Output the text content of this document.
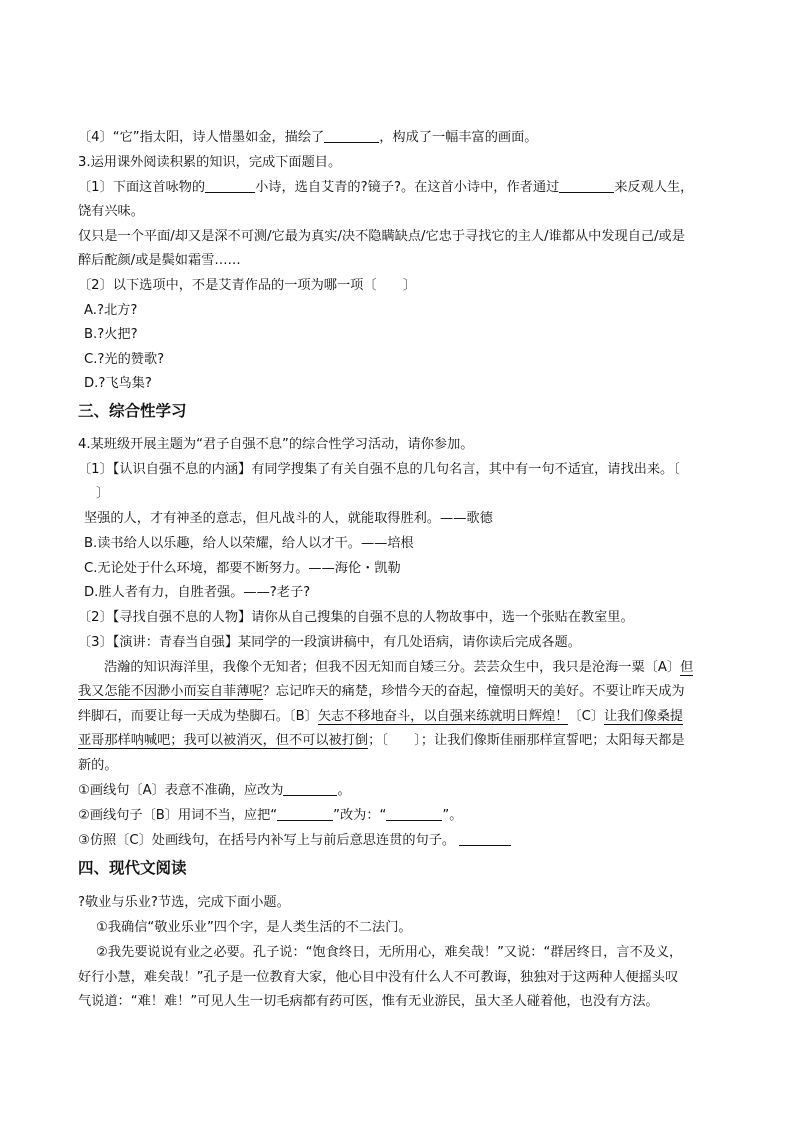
〔4〕“它”指太阳，诗人惜墨如金，描绘了	，构成了一幅丰富的画面。
3.运用课外阅读积累的知识，完成下面题目。
〔1〕下面这首咏物的	小诗，选自艾青的?镜子?。在这首小诗中，作者通过	来反观人生，
饶有兴味。
仅只是一个平面/却又是深不可测/它最为真实/决不隐瞒缺点/它忠于寻找它的主人/谁都从中发现自己/或是
醉后酡颜/或是鬓如霜雪……
〔2〕以下选项中，不是艾青作品的一项为哪一项〔　　〕
A.?北方?
B.?火把?
C.?光的赞歌?
D.?飞鸟集?
三、综合性学习
4.某班级开展主题为“君子自强不息”的综合性学习活动，请你参加。
〔1〕【认识自强不息的内涵】有同学搜集了有关自强不息的几句名言，其中有一句不适宜，请找出来。〔
〕
坚强的人，才有神圣的意志，但凡战斗的人，就能取得胜利。——歌德
B.读书给人以乐趣，给人以荣耀，给人以才干。——培根
C.无论处于什么环境，都要不断努力。——海伦・凯勒
D.胜人者有力，自胜者强。——?老子?
〔2〕【寻找自强不息的人物】请你从自己搜集的自强不息的人物故事中，选一个张贴在教室里。
〔3〕【演讲：青春当自强】某同学的一段演讲稿中，有几处语病，请你读后完成各题。
浩瀚的知识海洋里，我像个无知者；但我不因无知而自矮三分。芸芸众生中，我只是沧海一粟〔A〕但
我又怎能不因渺小而妄自菲薄呢？忘记昨天的痛楚，珍惜今天的奋起，憧憬明天的美好。不要让昨天成为
绊脚石，而要让每一天成为垫脚石。〔B〕矢志不移地奋斗，以自强来练就明日辉煌！〔C〕让我们像桑提
亚哥那样呐喊吧；我可以被消灭，但不可以被打倒；〔　　〕；让我们像斯佳丽那样宣誓吧；太阳每天都是
新的。
①画线句〔A〕表意不准确，应改为	。
②画线句子〔B〕用词不当，应把“	”改为：“	”。
③仿照〔C〕处画线句，在括号内补写上与前后意思连贯的句子。
四、现代文阅读
?敬业与乐业?节选，完成下面小题。
①我确信“敬业乐业”四个字，是人类生活的不二法门。
②我先要说说有业之必要。孔子说：“饱食终日，无所用心，难矣哉！”又说：“群居终日，言不及义，
好行小慧，难矣哉！”孔子是一位教育大家，他心目中没有什么人不可教诲，独独对于这两种人便摇头叹
气说道：“难！难！”可见人生一切毛病都有药可医，惟有无业游民，虽大圣人碰着他，也没有方法。
